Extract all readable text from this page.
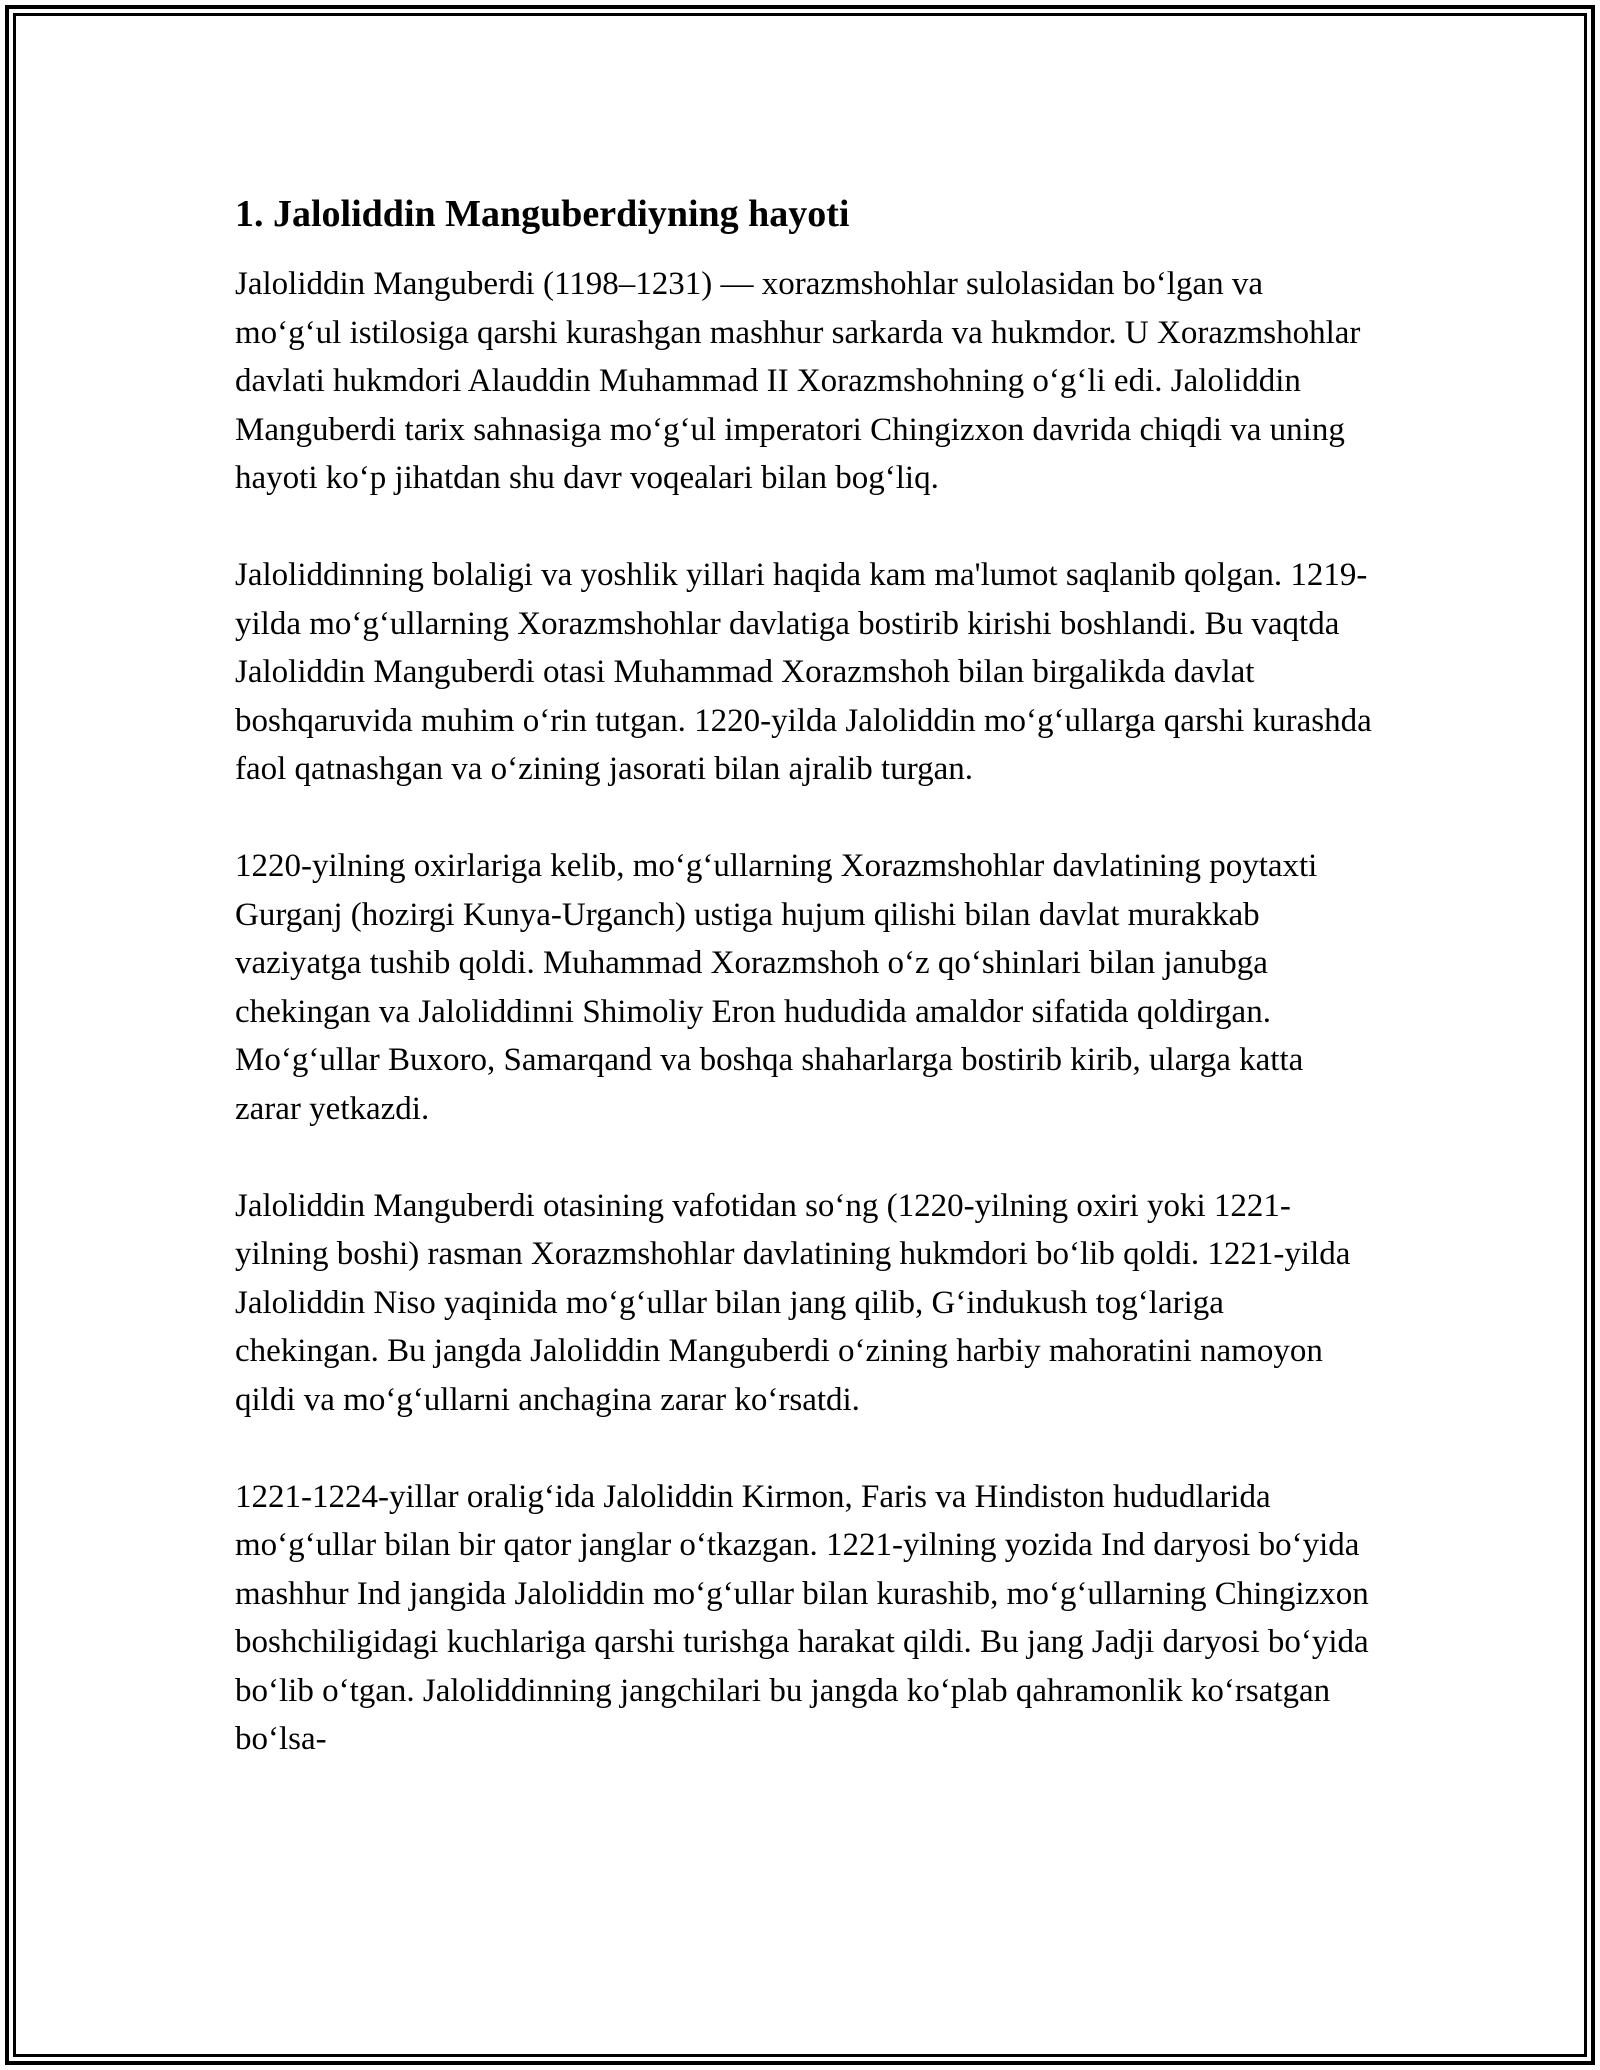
1. Jaloliddin Manguberdiyning hayoti

Jaloliddin Manguberdi (1198–1231) — xorazmshohlar sulolasidan boʻlgan va moʻgʻul istilosiga qarshi kurashgan mashhur sarkarda va hukmdor. U Xorazmshohlar davlati hukmdori Alauddin Muhammad II Xorazmshohning oʻgʻli edi. Jaloliddin Manguberdi tarix sahnasiga moʻgʻul imperatori Chingizxon davrida chiqdi va uning hayoti koʻp jihatdan shu davr voqealari bilan bogʻliq.

Jaloliddinning bolaligi va yoshlik yillari haqida kam ma'lumot saqlanib qolgan. 1219-yilda moʻgʻullarning Xorazmshohlar davlatiga bostirib kirishi boshlandi. Bu vaqtda Jaloliddin Manguberdi otasi Muhammad Xorazmshoh bilan birgalikda davlat boshqaruvida muhim oʻrin tutgan. 1220-yilda Jaloliddin moʻgʻullarga qarshi kurashda faol qatnashgan va oʻzining jasorati bilan ajralib turgan.

1220-yilning oxirlariga kelib, moʻgʻullarning Xorazmshohlar davlatining poytaxti Gurganj (hozirgi Kunya-Urganch) ustiga hujum qilishi bilan davlat murakkab vaziyatga tushib qoldi. Muhammad Xorazmshoh oʻz qoʻshinlari bilan janubga chekingan va Jaloliddinni Shimoliy Eron hududida amaldor sifatida qoldirgan. Moʻgʻullar Buxoro, Samarqand va boshqa shaharlarga bostirib kirib, ularga katta zarar yetkazdi.

Jaloliddin Manguberdi otasining vafotidan soʻng (1220-yilning oxiri yoki 1221-yilning boshi) rasman Xorazmshohlar davlatining hukmdori boʻlib qoldi. 1221-yilda Jaloliddin Niso yaqinida moʻgʻullar bilan jang qilib, Gʻindukush togʻlariga chekingan. Bu jangda Jaloliddin Manguberdi oʻzining harbiy mahoratini namoyon qildi va moʻgʻullarni anchagina zarar koʻrsatdi.

1221-1224-yillar oraligʻida Jaloliddin Kirmon, Faris va Hindiston hududlarida moʻgʻullar bilan bir qator janglar oʻtkazgan. 1221-yilning yozida Ind daryosi boʻyida mashhur Ind jangida Jaloliddin moʻgʻullar bilan kurashib, moʻgʻullarning Chingizxon boshchiligidagi kuchlariga qarshi turishga harakat qildi. Bu jang Jadji daryosi boʻyida boʻlib oʻtgan. Jaloliddinning jangchilari bu jangda koʻplab qahramonlik koʻrsatgan boʻlsa-
